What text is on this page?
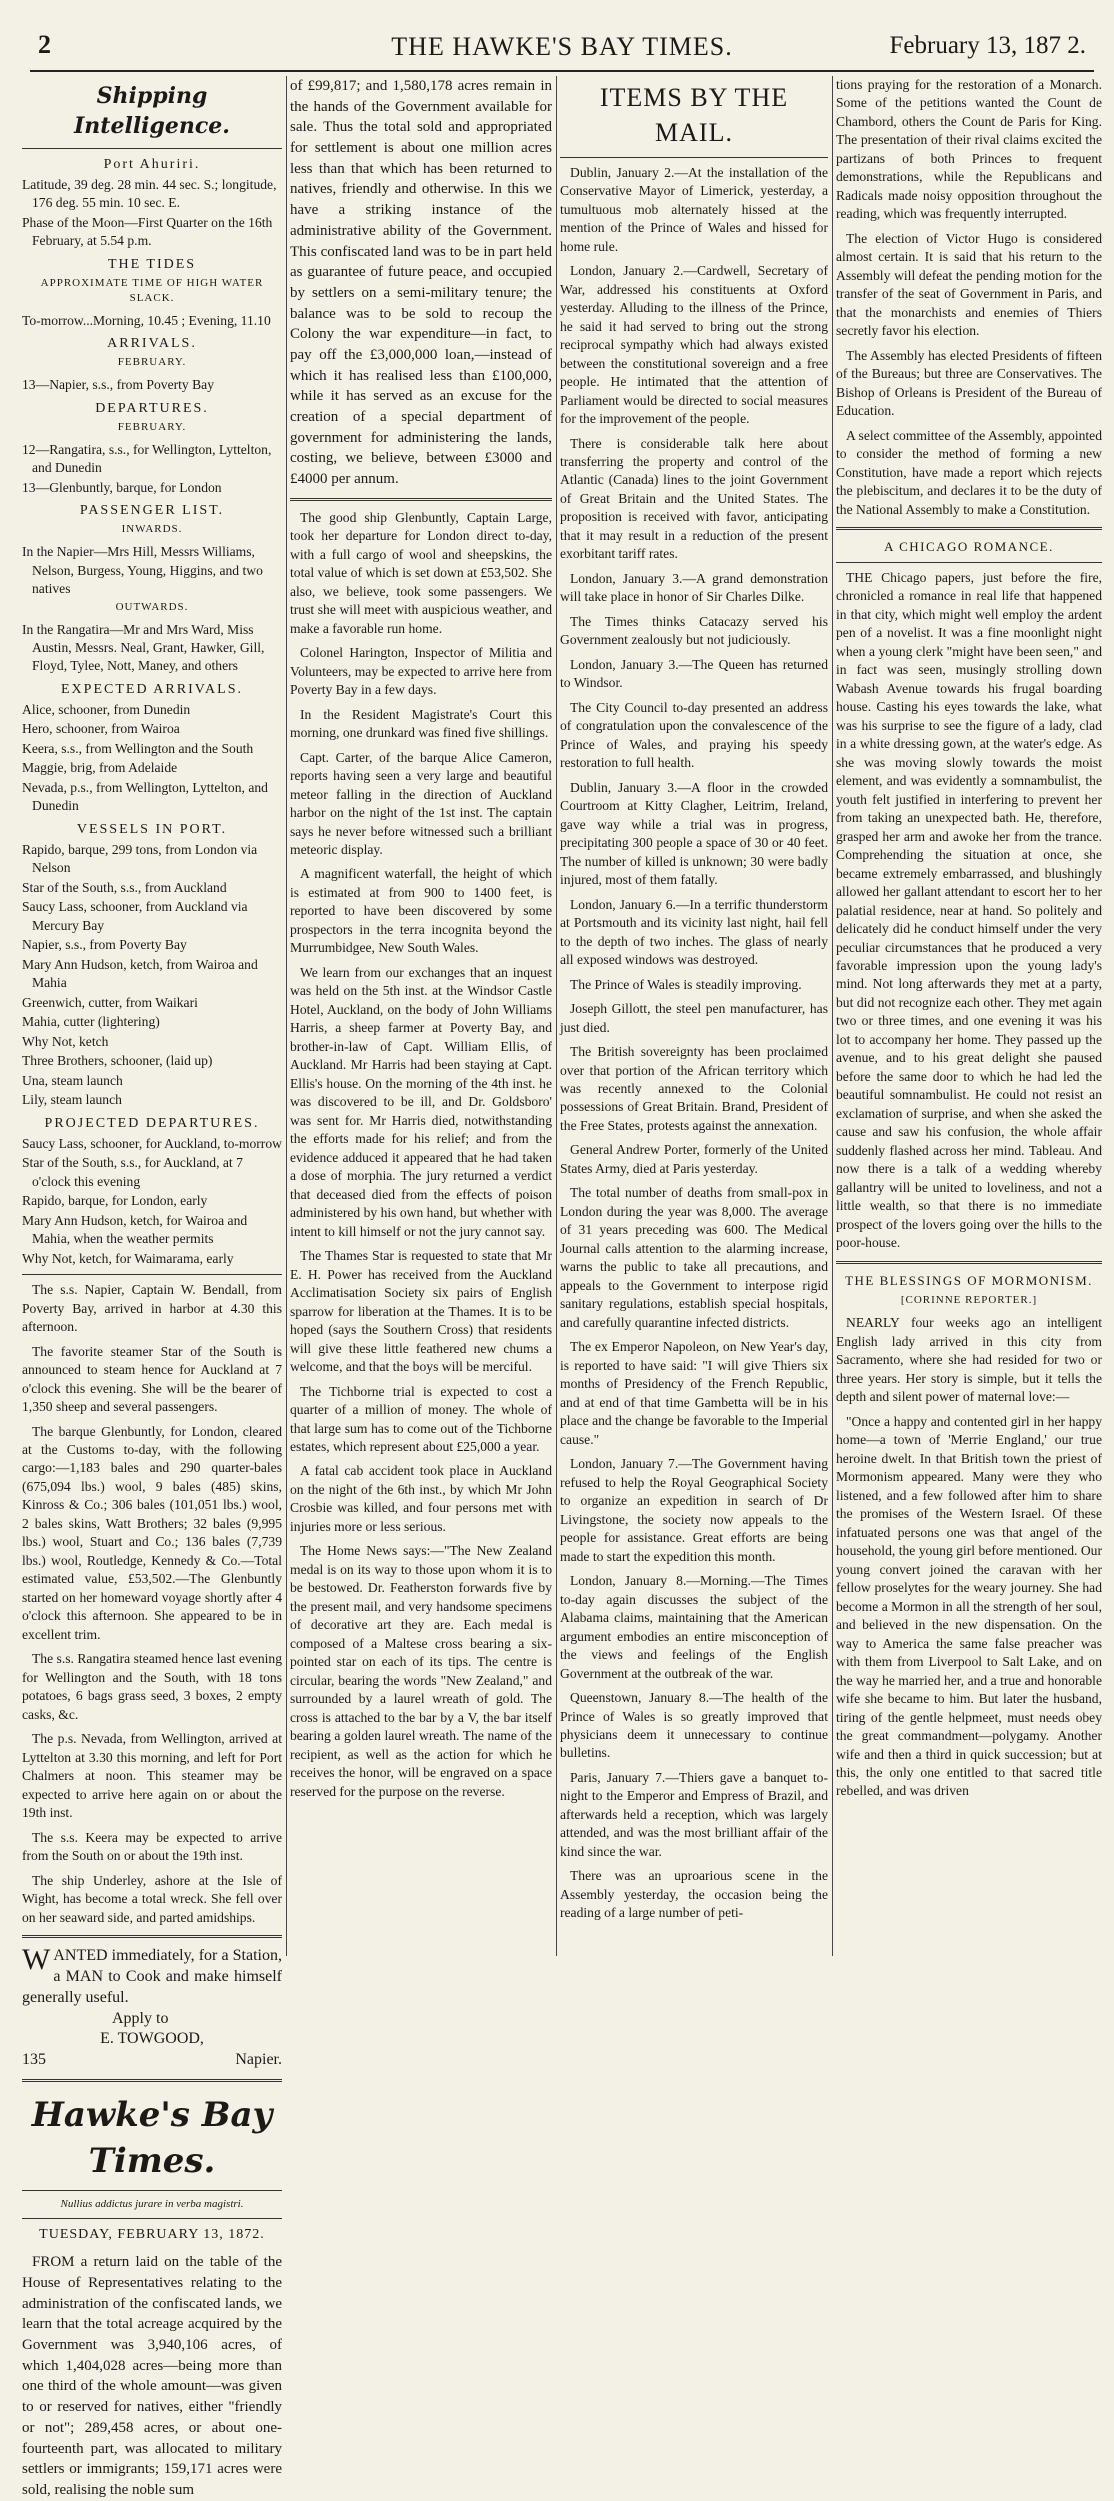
2	THE HAWKE'S BAY TIMES.	February 13, 187 2.
Shipping Intelligence.

Port Ahuriri.

Latitude, 39 deg. 28 min. 44 sec. S.; longitude, 176 deg. 55 min. 10 sec. E.

Phase of the Moon—First Quarter on the 16th February, at 5.54 p.m.

THE TIDES

APPROXIMATE TIME OF HIGH WATER SLACK.

To-morrow...Morning, 10.45 ; Evening, 11.10

ARRIVALS.

FEBRUARY.

13—Napier, s.s., from Poverty Bay

DEPARTURES.

FEBRUARY.

12—Rangatira, s.s., for Wellington, Lyttelton, and Dunedin

13—Glenbuntly, barque, for London

PASSENGER LIST.

INWARDS.

In the Napier—Mrs Hill, Messrs Williams, Nelson, Burgess, Young, Higgins, and two natives

OUTWARDS.

In the Rangatira—Mr and Mrs Ward, Miss Austin, Messrs. Neal, Grant, Hawker, Gill, Floyd, Tylee, Nott, Maney, and others

EXPECTED ARRIVALS.

Alice, schooner, from Dunedin

Hero, schooner, from Wairoa

Keera, s.s., from Wellington and the South

Maggie, brig, from Adelaide

Nevada, p.s., from Wellington, Lyttelton, and Dunedin

VESSELS IN PORT.

Rapido, barque, 299 tons, from London via Nelson

Star of the South, s.s., from Auckland

Saucy Lass, schooner, from Auckland via Mercury Bay

Napier, s.s., from Poverty Bay

Mary Ann Hudson, ketch, from Wairoa and Mahia

Greenwich, cutter, from Waikari

Mahia, cutter (lightering)

Why Not, ketch

Three Brothers, schooner, (laid up)

Una, steam launch

Lily, steam launch

PROJECTED DEPARTURES.

Saucy Lass, schooner, for Auckland, to-morrow

Star of the South, s.s., for Auckland, at 7 o'clock this evening

Rapido, barque, for London, early

Mary Ann Hudson, ketch, for Wairoa and Mahia, when the weather permits

Why Not, ketch, for Waimarama, early

The s.s. Napier, Captain W. Bendall, from Poverty Bay, arrived in harbor at 4.30 this afternoon.

The favorite steamer Star of the South is announced to steam hence for Auckland at 7 o'clock this evening. She will be the bearer of 1,350 sheep and several passengers.

The barque Glenbuntly, for London, cleared at the Customs to-day, with the following cargo:—1,183 bales and 290 quarter-bales (675,094 lbs.) wool, 9 bales (485) skins, Kinross & Co.; 306 bales (101,051 lbs.) wool, 2 bales skins, Watt Brothers; 32 bales (9,995 lbs.) wool, Stuart and Co.; 136 bales (7,739 lbs.) wool, Routledge, Kennedy & Co.—Total estimated value, £53,502.—The Glenbuntly started on her homeward voyage shortly after 4 o'clock this afternoon. She appeared to be in excellent trim.

The s.s. Rangatira steamed hence last evening for Wellington and the South, with 18 tons potatoes, 6 bags grass seed, 3 boxes, 2 empty casks, &c.

The p.s. Nevada, from Wellington, arrived at Lyttelton at 3.30 this morning, and left for Port Chalmers at noon. This steamer may be expected to arrive here again on or about the 19th inst.

The s.s. Keera may be expected to arrive from the South on or about the 19th inst.

The ship Underley, ashore at the Isle of Wight, has become a total wreck. She fell over on her seaward side, and parted amidships.

WANTED immediately, for a Station, a MAN to Cook and make himself generally useful.
Apply to
E. TOWGOOD,
135	Napier.
Hawke's Bay Times.

Nullius addictus jurare in verba magistri.

TUESDAY, FEBRUARY 13, 1872.

FROM a return laid on the table of the House of Representatives relating to the administration of the confiscated lands, we learn that the total acreage acquired by the Government was 3,940,106 acres, of which 1,404,028 acres—being more than one third of the whole amount—was given to or reserved for natives, either "friendly or not"; 289,458 acres, or about one-fourteenth part, was allocated to military settlers or immigrants; 159,171 acres were sold, realising the noble sum

of £99,817; and 1,580,178 acres remain in the hands of the Government available for sale. Thus the total sold and appropriated for settlement is about one million acres less than that which has been returned to natives, friendly and otherwise. In this we have a striking instance of the administrative ability of the Government. This confiscated land was to be in part held as guarantee of future peace, and occupied by settlers on a semi-military tenure; the balance was to be sold to recoup the Colony the war expenditure—in fact, to pay off the £3,000,000 loan,—instead of which it has realised less than £100,000, while it has served as an excuse for the creation of a special department of government for administering the lands, costing, we believe, between £3000 and £4000 per annum.

The good ship Glenbuntly, Captain Large, took her departure for London direct to-day, with a full cargo of wool and sheepskins, the total value of which is set down at £53,502. She also, we believe, took some passengers. We trust she will meet with auspicious weather, and make a favorable run home.

Colonel Harington, Inspector of Militia and Volunteers, may be expected to arrive here from Poverty Bay in a few days.

In the Resident Magistrate's Court this morning, one drunkard was fined five shillings.

Capt. Carter, of the barque Alice Cameron, reports having seen a very large and beautiful meteor falling in the direction of Auckland harbor on the night of the 1st inst. The captain says he never before witnessed such a brilliant meteoric display.

A magnificent waterfall, the height of which is estimated at from 900 to 1400 feet, is reported to have been discovered by some prospectors in the terra incognita beyond the Murrumbidgee, New South Wales.

We learn from our exchanges that an inquest was held on the 5th inst. at the Windsor Castle Hotel, Auckland, on the body of John Williams Harris, a sheep farmer at Poverty Bay, and brother-in-law of Capt. William Ellis, of Auckland. Mr Harris had been staying at Capt. Ellis's house. On the morning of the 4th inst. he was discovered to be ill, and Dr. Goldsboro' was sent for. Mr Harris died, notwithstanding the efforts made for his relief; and from the evidence adduced it appeared that he had taken a dose of morphia. The jury returned a verdict that deceased died from the effects of poison administered by his own hand, but whether with intent to kill himself or not the jury cannot say.

The Thames Star is requested to state that Mr E. H. Power has received from the Auckland Acclimatisation Society six pairs of English sparrow for liberation at the Thames. It is to be hoped (says the Southern Cross) that residents will give these little feathered new chums a welcome, and that the boys will be merciful.

The Tichborne trial is expected to cost a quarter of a million of money. The whole of that large sum has to come out of the Tichborne estates, which represent about £25,000 a year.

A fatal cab accident took place in Auckland on the night of the 6th inst., by which Mr John Crosbie was killed, and four persons met with injuries more or less serious.

The Home News says:—"The New Zealand medal is on its way to those upon whom it is to be bestowed. Dr. Featherston forwards five by the present mail, and very handsome specimens of decorative art they are. Each medal is composed of a Maltese cross bearing a six-pointed star on each of its tips. The centre is circular, bearing the words "New Zealand," and surrounded by a laurel wreath of gold. The cross is attached to the bar by a V, the bar itself bearing a golden laurel wreath. The name of the recipient, as well as the action for which he receives the honor, will be engraved on a space reserved for the purpose on the reverse.

ITEMS BY THE MAIL.

Dublin, January 2.—At the installation of the Conservative Mayor of Limerick, yesterday, a tumultuous mob alternately hissed at the mention of the Prince of Wales and hissed for home rule.

London, January 2.—Cardwell, Secretary of War, addressed his constituents at Oxford yesterday. Alluding to the illness of the Prince, he said it had served to bring out the strong reciprocal sympathy which had always existed between the constitutional sovereign and a free people. He intimated that the attention of Parliament would be directed to social measures for the improvement of the people.

There is considerable talk here about transferring the property and control of the Atlantic (Canada) lines to the joint Government of Great Britain and the United States. The proposition is received with favor, anticipating that it may result in a reduction of the present exorbitant tariff rates.

London, January 3.—A grand demonstration will take place in honor of Sir Charles Dilke.

The Times thinks Catacazy served his Government zealously but not judiciously.

London, January 3.—The Queen has returned to Windsor.

The City Council to-day presented an address of congratulation upon the convalescence of the Prince of Wales, and praying his speedy restoration to full health.

Dublin, January 3.—A floor in the crowded Courtroom at Kitty Clagher, Leitrim, Ireland, gave way while a trial was in progress, precipitating 300 people a space of 30 or 40 feet. The number of killed is unknown; 30 were badly injured, most of them fatally.

London, January 6.—In a terrific thunderstorm at Portsmouth and its vicinity last night, hail fell to the depth of two inches. The glass of nearly all exposed windows was destroyed.

The Prince of Wales is steadily improving.

Joseph Gillott, the steel pen manufacturer, has just died.

The British sovereignty has been proclaimed over that portion of the African territory which was recently annexed to the Colonial possessions of Great Britain. Brand, President of the Free States, protests against the annexation.

General Andrew Porter, formerly of the United States Army, died at Paris yesterday.

The total number of deaths from small-pox in London during the year was 8,000. The average of 31 years preceding was 600. The Medical Journal calls attention to the alarming increase, warns the public to take all precautions, and appeals to the Government to interpose rigid sanitary regulations, establish special hospitals, and carefully quarantine infected districts.

The ex Emperor Napoleon, on New Year's day, is reported to have said: "I will give Thiers six months of Presidency of the French Republic, and at end of that time Gambetta will be in his place and the change be favorable to the Imperial cause."

London, January 7.—The Government having refused to help the Royal Geographical Society to organize an expedition in search of Dr Livingstone, the society now appeals to the people for assistance. Great efforts are being made to start the expedition this month.

London, January 8.—Morning.—The Times to-day again discusses the subject of the Alabama claims, maintaining that the American argument embodies an entire misconception of the views and feelings of the English Government at the outbreak of the war.

Queenstown, January 8.—The health of the Prince of Wales is so greatly improved that physicians deem it unnecessary to continue bulletins.

Paris, January 7.—Thiers gave a banquet to-night to the Emperor and Empress of Brazil, and afterwards held a reception, which was largely attended, and was the most brilliant affair of the kind since the war.

There was an uproarious scene in the Assembly yesterday, the occasion being the reading of a large number of peti-

tions praying for the restoration of a Monarch. Some of the petitions wanted the Count de Chambord, others the Count de Paris for King. The presentation of their rival claims excited the partizans of both Princes to frequent demonstrations, while the Republicans and Radicals made noisy opposition throughout the reading, which was frequently interrupted.

The election of Victor Hugo is considered almost certain. It is said that his return to the Assembly will defeat the pending motion for the transfer of the seat of Government in Paris, and that the monarchists and enemies of Thiers secretly favor his election.

The Assembly has elected Presidents of fifteen of the Bureaus; but three are Conservatives. The Bishop of Orleans is President of the Bureau of Education.

A select committee of the Assembly, appointed to consider the method of forming a new Constitution, have made a report which rejects the plebiscitum, and declares it to be the duty of the National Assembly to make a Constitution.

A CHICAGO ROMANCE.

THE Chicago papers, just before the fire, chronicled a romance in real life that happened in that city, which might well employ the ardent pen of a novelist. It was a fine moonlight night when a young clerk "might have been seen," and in fact was seen, musingly strolling down Wabash Avenue towards his frugal boarding house. Casting his eyes towards the lake, what was his surprise to see the figure of a lady, clad in a white dressing gown, at the water's edge. As she was moving slowly towards the moist element, and was evidently a somnambulist, the youth felt justified in interfering to prevent her from taking an unexpected bath. He, therefore, grasped her arm and awoke her from the trance. Comprehending the situation at once, she became extremely embarrassed, and blushingly allowed her gallant attendant to escort her to her palatial residence, near at hand. So politely and delicately did he conduct himself under the very peculiar circumstances that he produced a very favorable impression upon the young lady's mind. Not long afterwards they met at a party, but did not recognize each other. They met again two or three times, and one evening it was his lot to accompany her home. They passed up the avenue, and to his great delight she paused before the same door to which he had led the beautiful somnambulist. He could not resist an exclamation of surprise, and when she asked the cause and saw his confusion, the whole affair suddenly flashed across her mind. Tableau. And now there is a talk of a wedding whereby gallantry will be united to loveliness, and not a little wealth, so that there is no immediate prospect of the lovers going over the hills to the poor-house.

THE BLESSINGS OF MORMONISM.

[CORINNE REPORTER.]

NEARLY four weeks ago an intelligent English lady arrived in this city from Sacramento, where she had resided for two or three years. Her story is simple, but it tells the depth and silent power of maternal love:—

"Once a happy and contented girl in her happy home—a town of 'Merrie England,' our true heroine dwelt. In that British town the priest of Mormonism appeared. Many were they who listened, and a few followed after him to share the promises of the Western Israel. Of these infatuated persons one was that angel of the household, the young girl before mentioned. Our young convert joined the caravan with her fellow proselytes for the weary journey. She had become a Mormon in all the strength of her soul, and believed in the new dispensation. On the way to America the same false preacher was with them from Liverpool to Salt Lake, and on the way he married her, and a true and honorable wife she became to him. But later the husband, tiring of the gentle helpmeet, must needs obey the great commandment—polygamy. Another wife and then a third in quick succession; but at this, the only one entitled to that sacred title rebelled, and was driven
